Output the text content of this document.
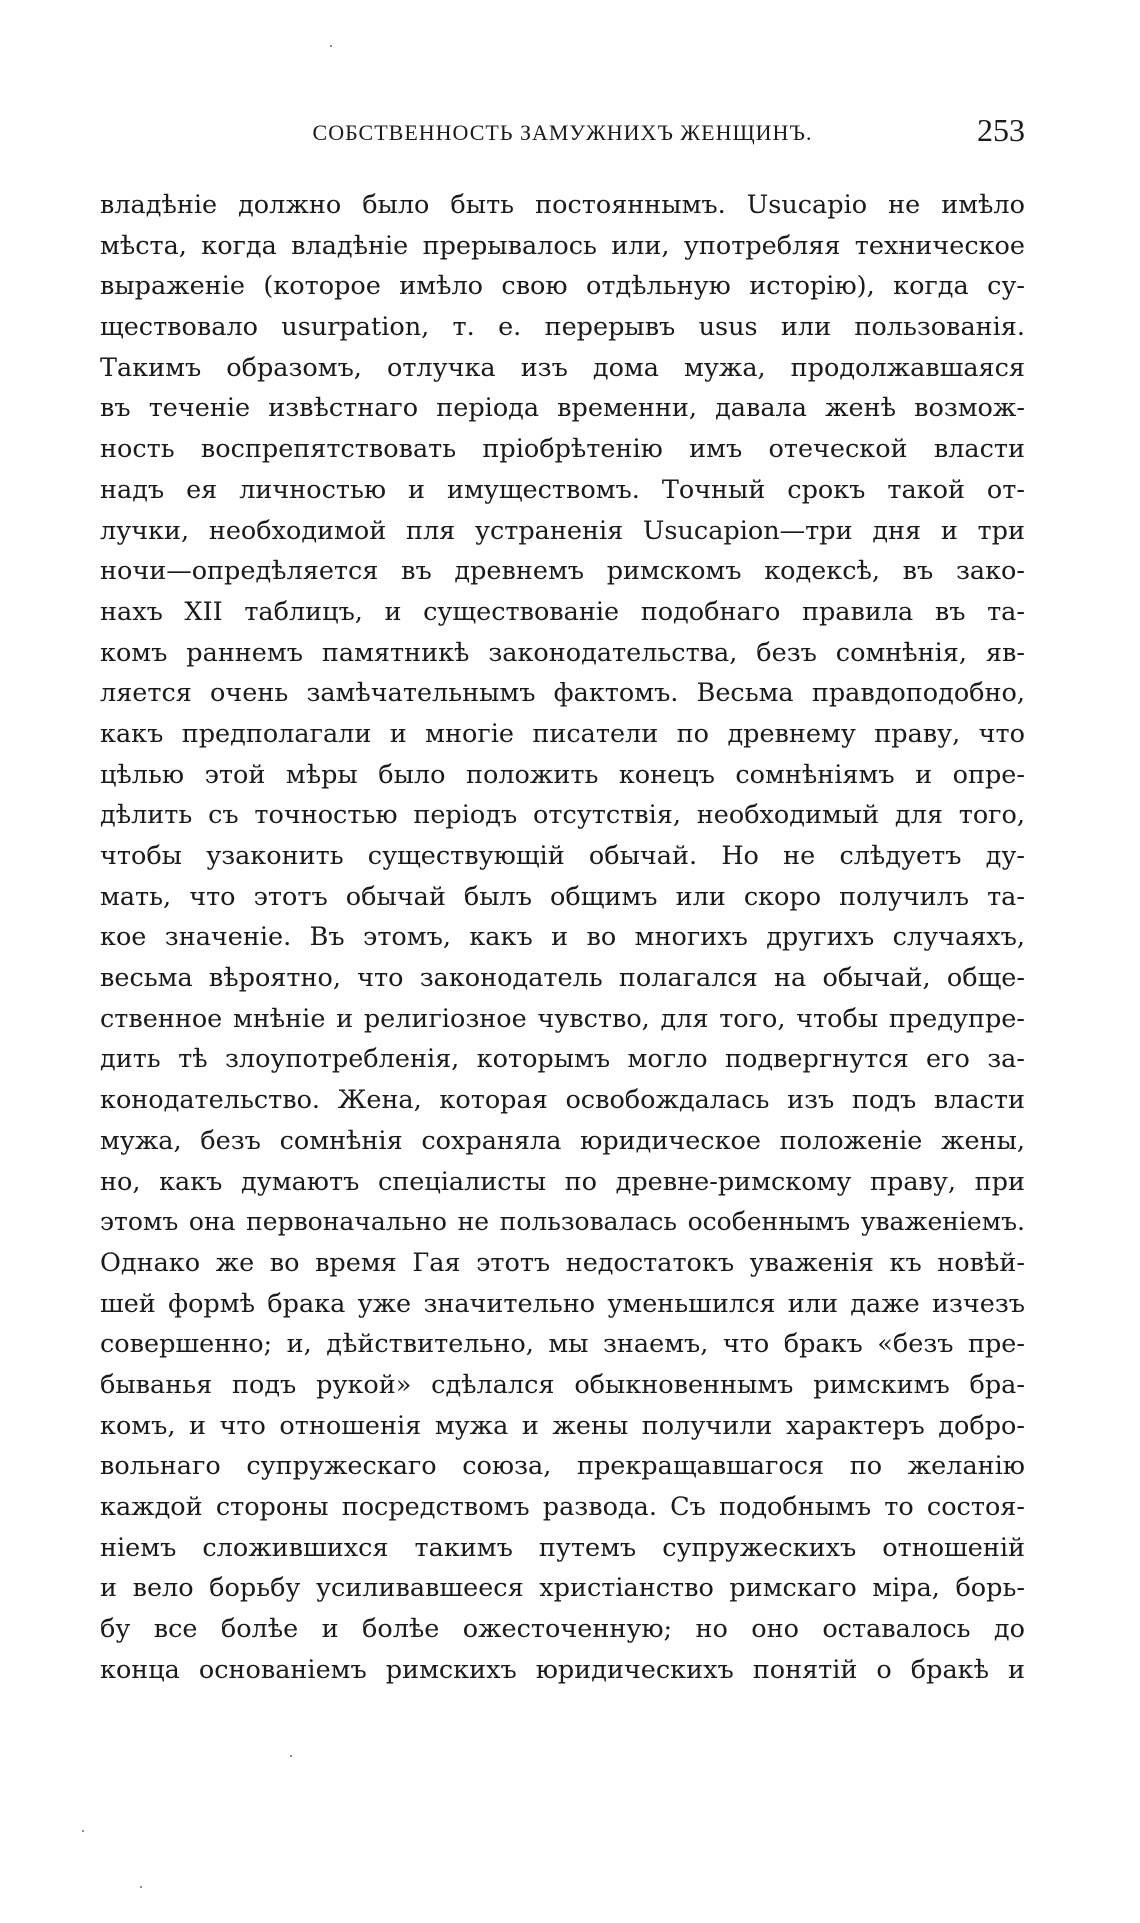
СОБСТВЕННОСТЬ ЗАМУЖНИХЪ ЖЕНЩИНЪ.	253
владѣніе должно было быть постояннымъ. Usucapio не имѣло
мѣста, когда владѣніе прерывалось или, употребляя техническое
выраженіе (которое имѣло свою отдѣльную исторію), когда су-
ществовало usurpation, т. е. перерывъ usus или пользованія.
Такимъ образомъ, отлучка изъ дома мужа, продолжавшаяся
въ теченіе извѣстнаго періода временни, давала женѣ возмож-
ность воспрепятствовать пріобрѣтенію имъ отеческой власти
надъ ея личностью и имуществомъ. Точный срокъ такой от-
лучки, необходимой пля устраненія Usucapion—три дня и три
ночи—опредѣляется въ древнемъ римскомъ кодексѣ, въ зако-
нахъ XII таблицъ, и существованіе подобнаго правила въ та-
комъ раннемъ памятникѣ законодательства, безъ сомнѣнія, яв-
ляется очень замѣчательнымъ фактомъ. Весьма правдоподобно,
какъ предполагали и многіе писатели по древнему праву, что
цѣлью этой мѣры было положить конецъ сомнѣніямъ и опре-
дѣлить съ точностью періодъ отсутствія, необходимый для того,
чтобы узаконить существующій обычай. Но не слѣдуетъ ду-
мать, что этотъ обычай былъ общимъ или скоро получилъ та-
кое значеніе. Въ этомъ, какъ и во многихъ другихъ случаяхъ,
весьма вѣроятно, что законодатель полагался на обычай, обще-
ственное мнѣніе и религіозное чувство, для того, чтобы предупре-
дить тѣ злоупотребленія, которымъ могло подвергнутся его за-
конодательство. Жена, которая освобождалась изъ подъ власти
мужа, безъ сомнѣнія сохраняла юридическое положеніе жены,
но, какъ думаютъ спеціалисты по древне-римскому праву, при
этомъ она первоначально не пользовалась особеннымъ уваженіемъ.
Однако же во время Гая этотъ недостатокъ уваженія къ новѣй-
шей формѣ брака уже значительно уменьшился или даже изчезъ
совершенно; и, дѣйствительно, мы знаемъ, что бракъ «безъ пре-
быванья подъ рукой» сдѣлался обыкновеннымъ римскимъ бра-
комъ, и что отношенія мужа и жены получили характеръ добро-
вольнаго супружескаго союза, прекращавшагося по желанію
каждой стороны посредствомъ развода. Съ подобнымъ то состоя-
ніемъ сложившихся такимъ путемъ супружескихъ отношеній
и вело борьбу усиливавшееся христіанство римскаго міра, борь-
бу все болѣе и болѣе ожесточенную; но оно оставалось до
конца основаніемъ римскихъ юридическихъ понятій о бракѣ и
